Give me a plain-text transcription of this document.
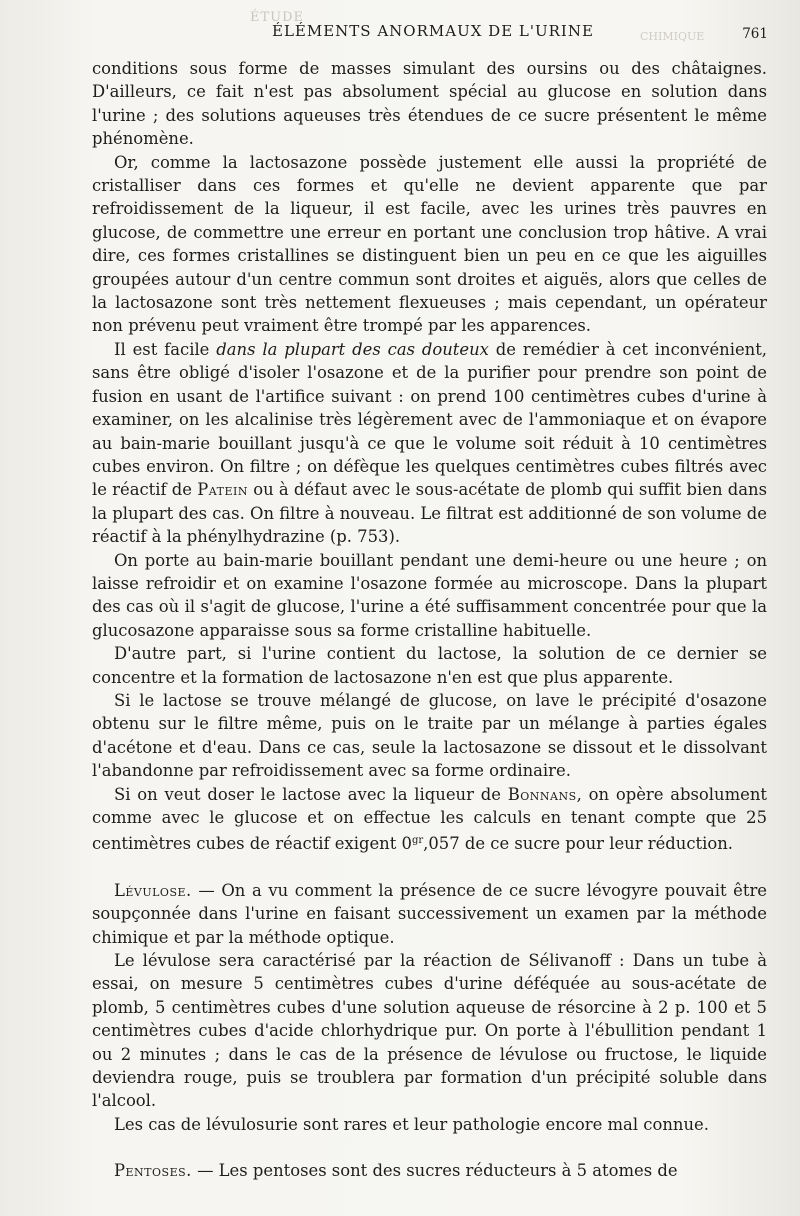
ÉTUDE
CHIMIQUE
ÉLÉMENTS ANORMAUX DE L'URINE	761

conditions sous forme de masses simulant des oursins ou des châtaignes. D'ailleurs, ce fait n'est pas absolument spécial au glucose en solution dans l'urine ; des solutions aqueuses très étendues de ce sucre présentent le même phénomène.

Or, comme la lactosazone possède justement elle aussi la propriété de cristalliser dans ces formes et qu'elle ne devient apparente que par refroidissement de la liqueur, il est facile, avec les urines très pauvres en glucose, de commettre une erreur en portant une conclusion trop hâtive. A vrai dire, ces formes cristallines se distinguent bien un peu en ce que les aiguilles groupées autour d'un centre commun sont droites et aiguës, alors que celles de la lactosazone sont très nettement flexueuses ; mais cependant, un opérateur non prévenu peut vraiment être trompé par les apparences.

Il est facile dans la plupart des cas douteux de remédier à cet inconvénient, sans être obligé d'isoler l'osazone et de la purifier pour prendre son point de fusion en usant de l'artifice suivant : on prend 100 centimètres cubes d'urine à examiner, on les alcalinise très légèrement avec de l'ammoniaque et on évapore au bain-marie bouillant jusqu'à ce que le volume soit réduit à 10 centimètres cubes environ. On filtre ; on défèque les quelques centimètres cubes filtrés avec le réactif de Patein ou à défaut avec le sous-acétate de plomb qui suffit bien dans la plupart des cas. On filtre à nouveau. Le filtrat est additionné de son volume de réactif à la phénylhydrazine (p. 753).

On porte au bain-marie bouillant pendant une demi-heure ou une heure ; on laisse refroidir et on examine l'osazone formée au microscope. Dans la plupart des cas où il s'agit de glucose, l'urine a été suffisamment concentrée pour que la glucosazone apparaisse sous sa forme cristalline habituelle.

D'autre part, si l'urine contient du lactose, la solution de ce dernier se concentre et la formation de lactosazone n'en est que plus apparente.

Si le lactose se trouve mélangé de glucose, on lave le précipité d'osazone obtenu sur le filtre même, puis on le traite par un mélange à parties égales d'acétone et d'eau. Dans ce cas, seule la lactosazone se dissout et le dissolvant l'abandonne par refroidissement avec sa forme ordinaire.

Si on veut doser le lactose avec la liqueur de Bonnans, on opère absolument comme avec le glucose et on effectue les calculs en tenant compte que 25 centimètres cubes de réactif exigent $0^{gr},057$ de ce sucre pour leur réduction.

Lévulose. — On a vu comment la présence de ce sucre lévogyre pouvait être soupçonnée dans l'urine en faisant successivement un examen par la méthode chimique et par la méthode optique.

Le lévulose sera caractérisé par la réaction de Sélivanoff : Dans un tube à essai, on mesure 5 centimètres cubes d'urine déféquée au sous-acétate de plomb, 5 centimètres cubes d'une solution aqueuse de résorcine à 2 p. 100 et 5 centimètres cubes d'acide chlorhydrique pur. On porte à l'ébullition pendant 1 ou 2 minutes ; dans le cas de la présence de lévulose ou fructose, le liquide deviendra rouge, puis se troublera par formation d'un précipité soluble dans l'alcool.

Les cas de lévulosurie sont rares et leur pathologie encore mal connue.

Pentoses. — Les pentoses sont des sucres réducteurs à 5 atomes de
